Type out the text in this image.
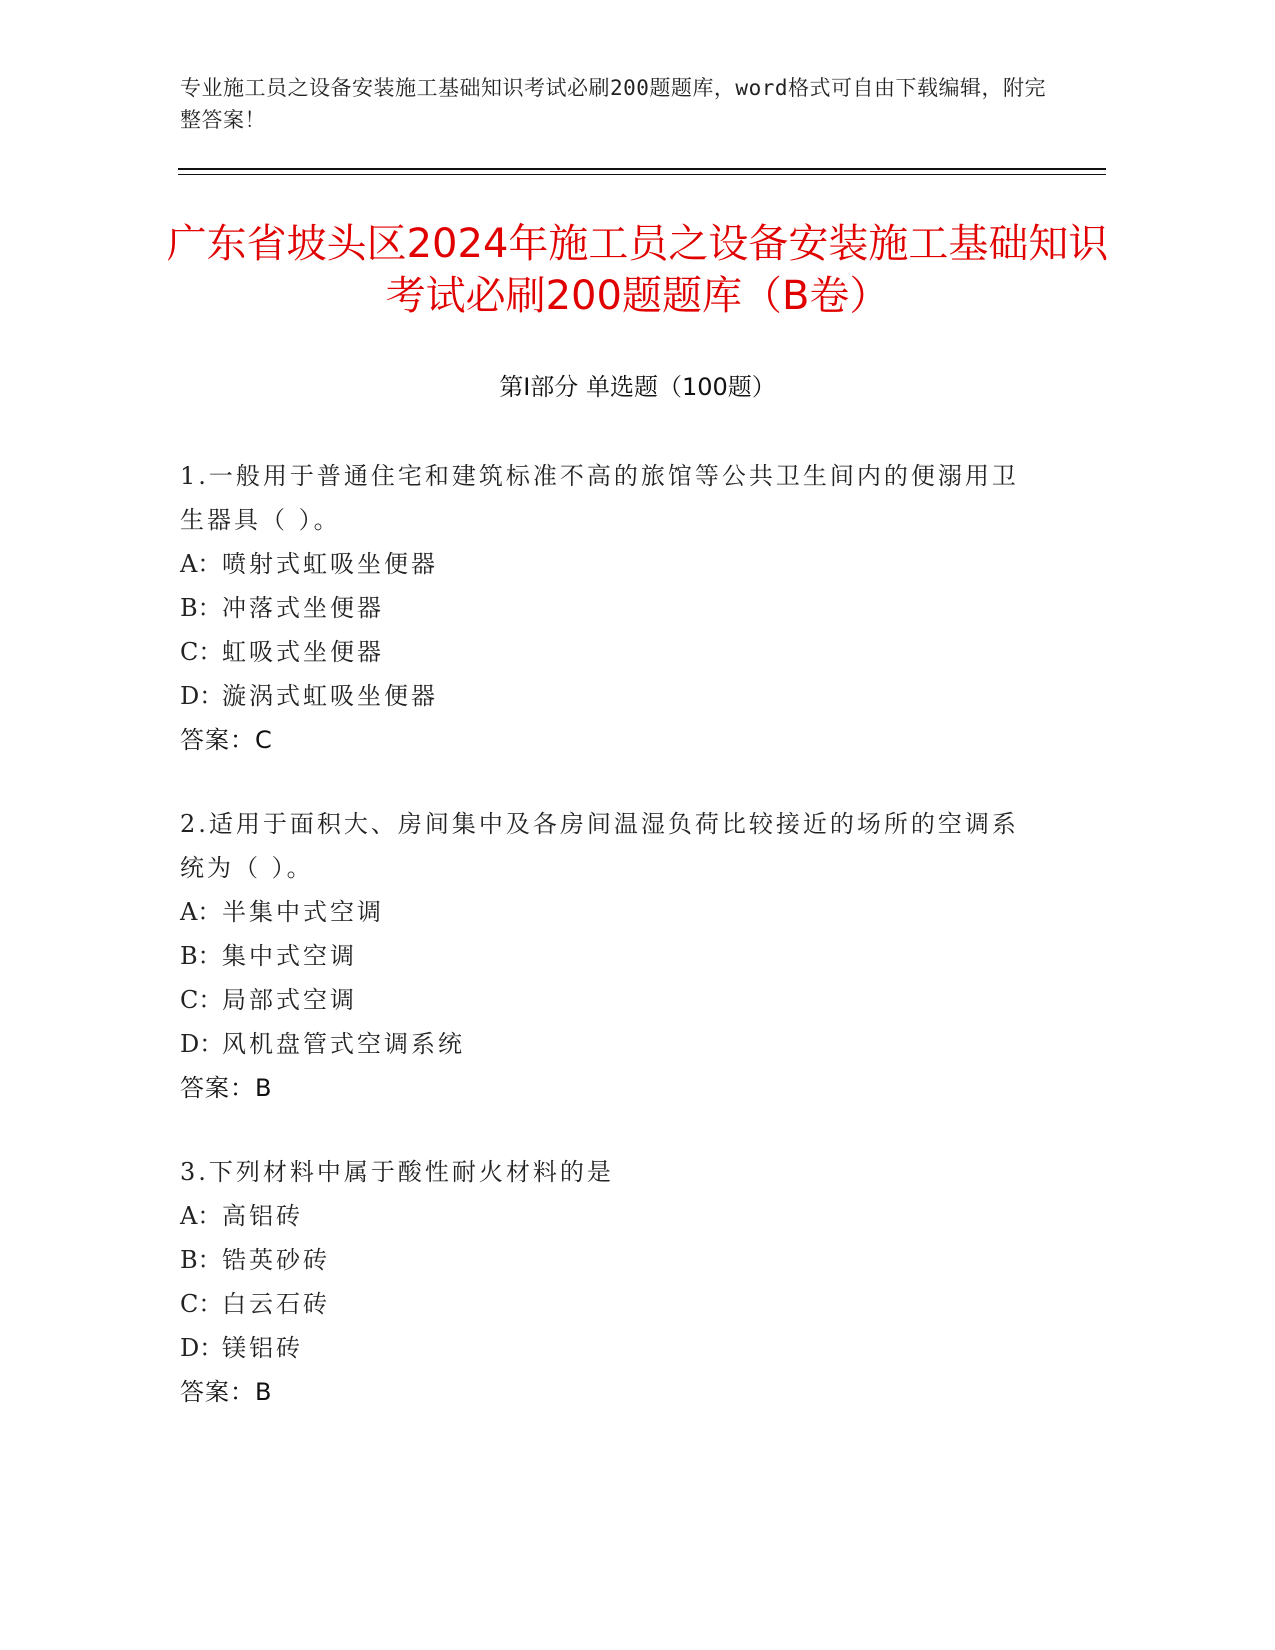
专业施工员之设备安装施工基础知识考试必刷200题题库，word格式可自由下载编辑，附完整答案！
广东省坡头区2024年施工员之设备安装施工基础知识考试必刷200题题库（B卷）
第Ⅰ部分 单选题（100题）
1.一般用于普通住宅和建筑标准不高的旅馆等公共卫生间内的便溺用卫生器具（ ）。
A：喷射式虹吸坐便器
B：冲落式坐便器
C：虹吸式坐便器
D：漩涡式虹吸坐便器
答案：C
2.适用于面积大、房间集中及各房间温湿负荷比较接近的场所的空调系统为（ ）。
A：半集中式空调
B：集中式空调
C：局部式空调
D：风机盘管式空调系统
答案：B
3.下列材料中属于酸性耐火材料的是
A：高铝砖
B：锆英砂砖
C：白云石砖
D：镁铝砖
答案：B
